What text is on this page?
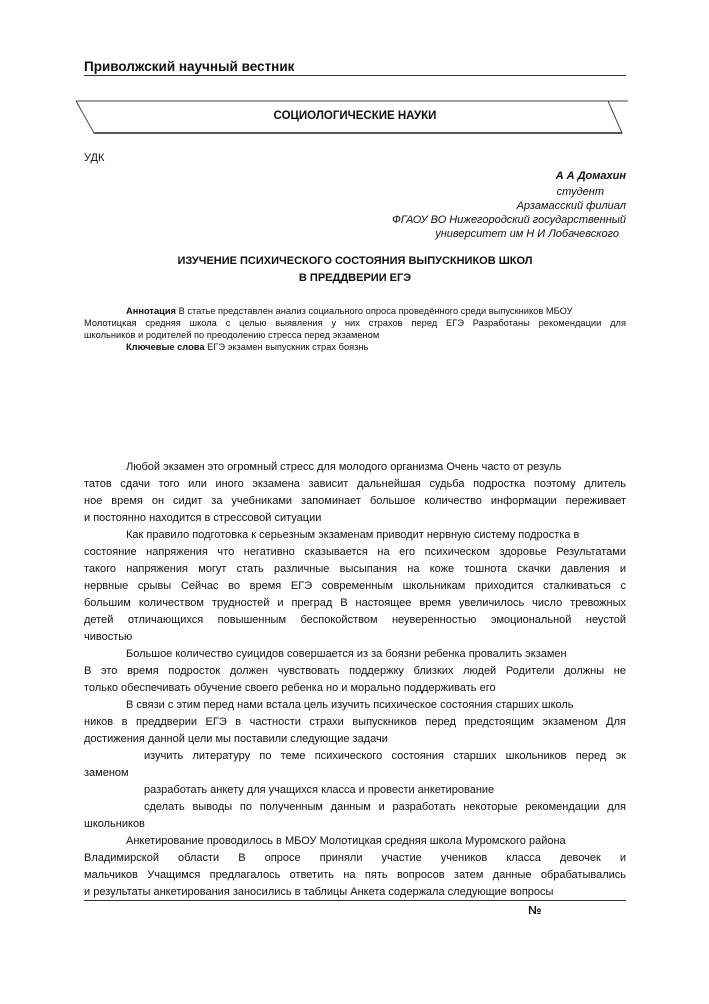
Приволжский научный вестник
СОЦИОЛОГИЧЕСКИЕ НАУКИ
УДК
А А Домахин
студент
Арзамасский филиал
ФГАОУ ВО Нижегородский государственный
университет им Н И Лобачевского
ИЗУЧЕНИЕ ПСИХИЧЕСКОГО СОСТОЯНИЯ ВЫПУСКНИКОВ ШКОЛ
В ПРЕДДВЕРИИ ЕГЭ
Аннотация В статье представлен анализ социального опроса проведённого среди выпускников МБОУ
Молотицкая средняя школа с целью выявления у них страхов перед ЕГЭ Разработаны рекомендации для
школьников и родителей по преодолению стресса перед экзаменом
Ключевые слова ЕГЭ экзамен выпускник страх боязнь
Любой экзамен это огромный стресс для молодого организма Очень часто от резуль
татов сдачи того или иного экзамена зависит дальнейшая судьба подростка поэтому длитель
ное время он сидит за учебниками запоминает большое количество информации переживает
и постоянно находится в стрессовой ситуации
Как правило подготовка к серьезным экзаменам приводит нервную систему подростка в
состояние напряжения что негативно сказывается на его психическом здоровье Результатами
такого напряжения могут стать различные высыпания на коже тошнота скачки давления и
нервные срывы Сейчас во время ЕГЭ современным школьникам приходится сталкиваться с
большим количеством трудностей и преград В настоящее время увеличилось число тревожных
детей отличающихся повышенным беспокойством неуверенностью эмоциональной неустой
чивостью
Большое количество суицидов совершается из за боязни ребенка провалить экзамен
В это время подросток должен чувствовать поддержку близких людей Родители должны не
только обеспечивать обучение своего ребенка но и морально поддерживать его
В связи с этим перед нами встала цель изучить психическое состояния старших школь
ников в преддверии ЕГЭ в частности страхи выпускников перед предстоящим экзаменом Для
достижения данной цели мы поставили следующие задачи
изучить литературу по теме психического состояния старших школьников перед эк
заменом
разработать анкету для учащихся класса и провести анкетирование
сделать выводы по полученным данным и разработать некоторые рекомендации для
школьников
Анкетирование проводилось в МБОУ Молотицкая средняя школа Муромского района
Владимирской области В опросе приняли участие учеников класса девочек и
мальчиков Учащимся предлагалось ответить на пять вопросов затем данные обрабатывались
и результаты анкетирования заносились в таблицы Анкета содержала следующие вопросы
№
